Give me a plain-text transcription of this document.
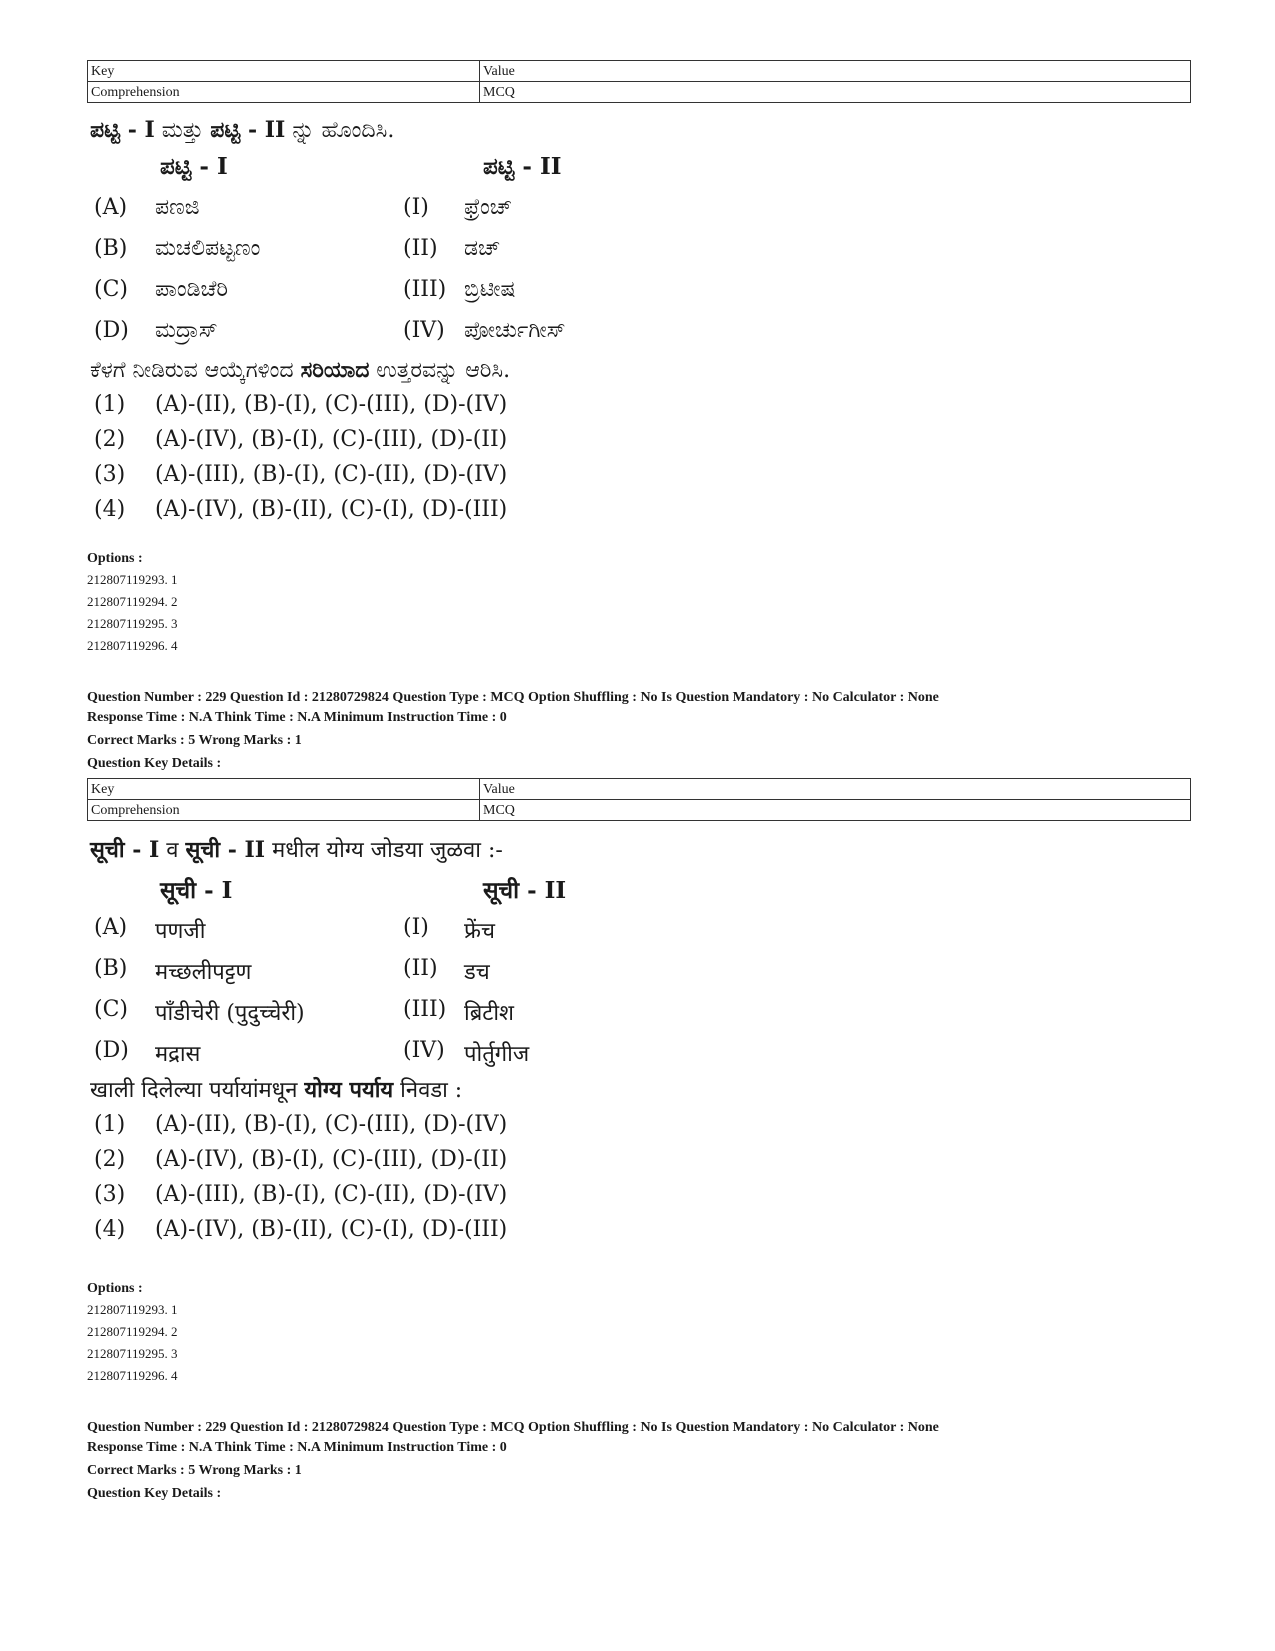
Key	Value
Comprehension	MCQ
ಪಟ್ಟಿ - I ಮತ್ತು ಪಟ್ಟಿ - II ನ್ನು ಹೊಂದಿಸಿ.
ಪಟ್ಟಿ - I	ಪಟ್ಟಿ - II
(A) ಪಣಜಿ	(I) ಫ್ರೆಂಚ್
(B) ಮಚಲಿಪಟ್ಟಣಂ	(II) ಡಚ್
(C) ಪಾಂಡಿಚೆರಿ	(III) ಬ್ರಿಟೀಷ
(D) ಮದ್ರಾಸ್	(IV) ಪೋರ್ಚುಗೀಸ್
ಕೆಳಗೆ ನೀಡಿರುವ ಆಯ್ಕೆಗಳಿಂದ ಸರಿಯಾದ ಉತ್ತರವನ್ನು ಆರಿಸಿ.
(1) (A)-(II), (B)-(I), (C)-(III), (D)-(IV)
(2) (A)-(IV), (B)-(I), (C)-(III), (D)-(II)
(3) (A)-(III), (B)-(I), (C)-(II), (D)-(IV)
(4) (A)-(IV), (B)-(II), (C)-(I), (D)-(III)
Options :
212807119293. 1
212807119294. 2
212807119295. 3
212807119296. 4
Question Number : 229 Question Id : 21280729824 Question Type : MCQ Option Shuffling : No Is Question Mandatory : No Calculator : None
Response Time : N.A Think Time : N.A Minimum Instruction Time : 0
Correct Marks : 5 Wrong Marks : 1
Question Key Details :
Key	Value
Comprehension	MCQ
सूची - I व सूची - II मधील योग्य जोडया जुळवा :-
सूची - I	सूची - II
(A) पणजी	(I) फ्रेंच
(B) मच्छलीपट्टण	(II) डच
(C) पाँडीचेरी (पुदुच्चेरी)	(III) ब्रिटीश
(D) मद्रास	(IV) पोर्तुगीज
खाली दिलेल्या पर्यायांमधून योग्य पर्याय निवडा :
(1) (A)-(II), (B)-(I), (C)-(III), (D)-(IV)
(2) (A)-(IV), (B)-(I), (C)-(III), (D)-(II)
(3) (A)-(III), (B)-(I), (C)-(II), (D)-(IV)
(4) (A)-(IV), (B)-(II), (C)-(I), (D)-(III)
Options :
212807119293. 1
212807119294. 2
212807119295. 3
212807119296. 4
Question Number : 229 Question Id : 21280729824 Question Type : MCQ Option Shuffling : No Is Question Mandatory : No Calculator : None
Response Time : N.A Think Time : N.A Minimum Instruction Time : 0
Correct Marks : 5 Wrong Marks : 1
Question Key Details :
